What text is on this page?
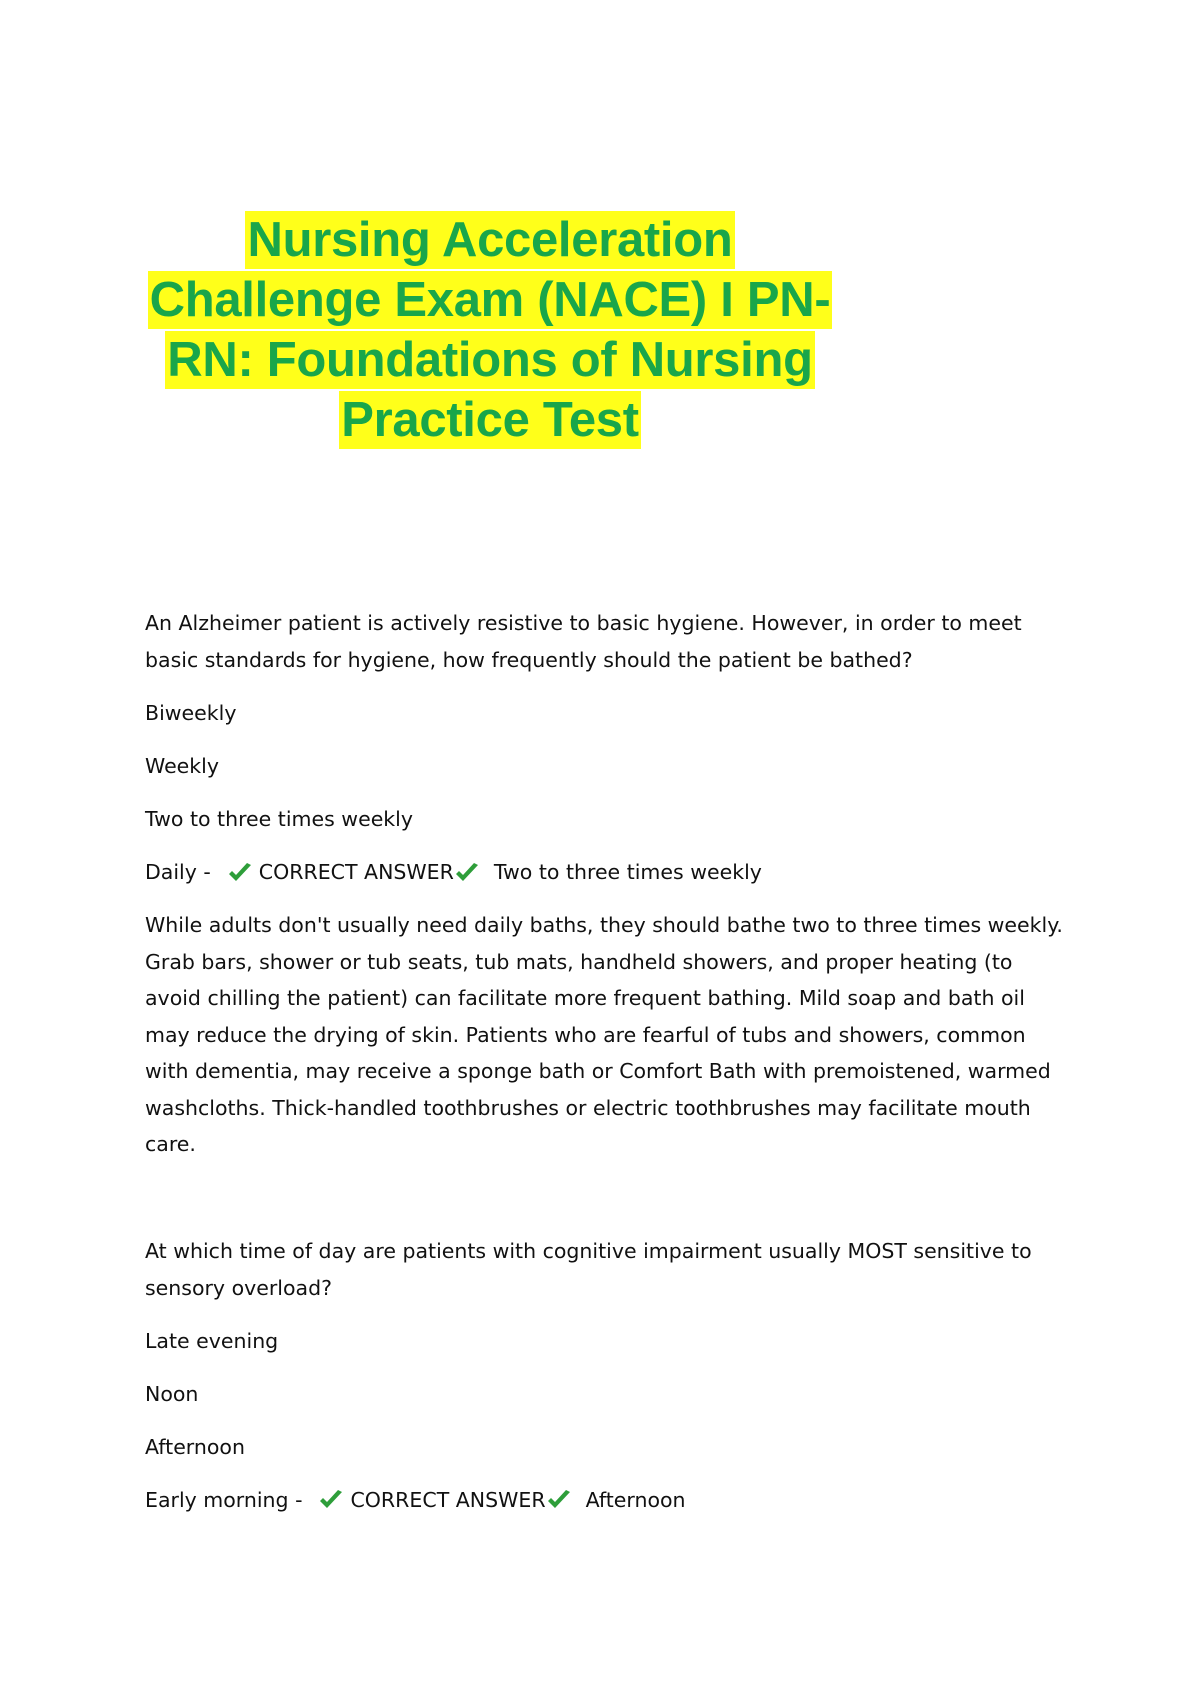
Nursing Acceleration
Challenge Exam (NACE) I PN-
RN: Foundations of Nursing
Practice Test

An Alzheimer patient is actively resistive to basic hygiene. However, in order to meet basic standards for hygiene, how frequently should the patient be bathed?

Biweekly

Weekly

Two to three times weekly

Daily - CORRECT ANSWER Two to three times weekly

While adults don't usually need daily baths, they should bathe two to three times weekly. Grab bars, shower or tub seats, tub mats, handheld showers, and proper heating (to avoid chilling the patient) can facilitate more frequent bathing. Mild soap and bath oil may reduce the drying of skin. Patients who are fearful of tubs and showers, common with dementia, may receive a sponge bath or Comfort Bath with premoistened, warmed washcloths. Thick-handled toothbrushes or electric toothbrushes may facilitate mouth care.

At which time of day are patients with cognitive impairment usually MOST sensitive to sensory overload?

Late evening

Noon

Afternoon

Early morning - CORRECT ANSWER Afternoon
